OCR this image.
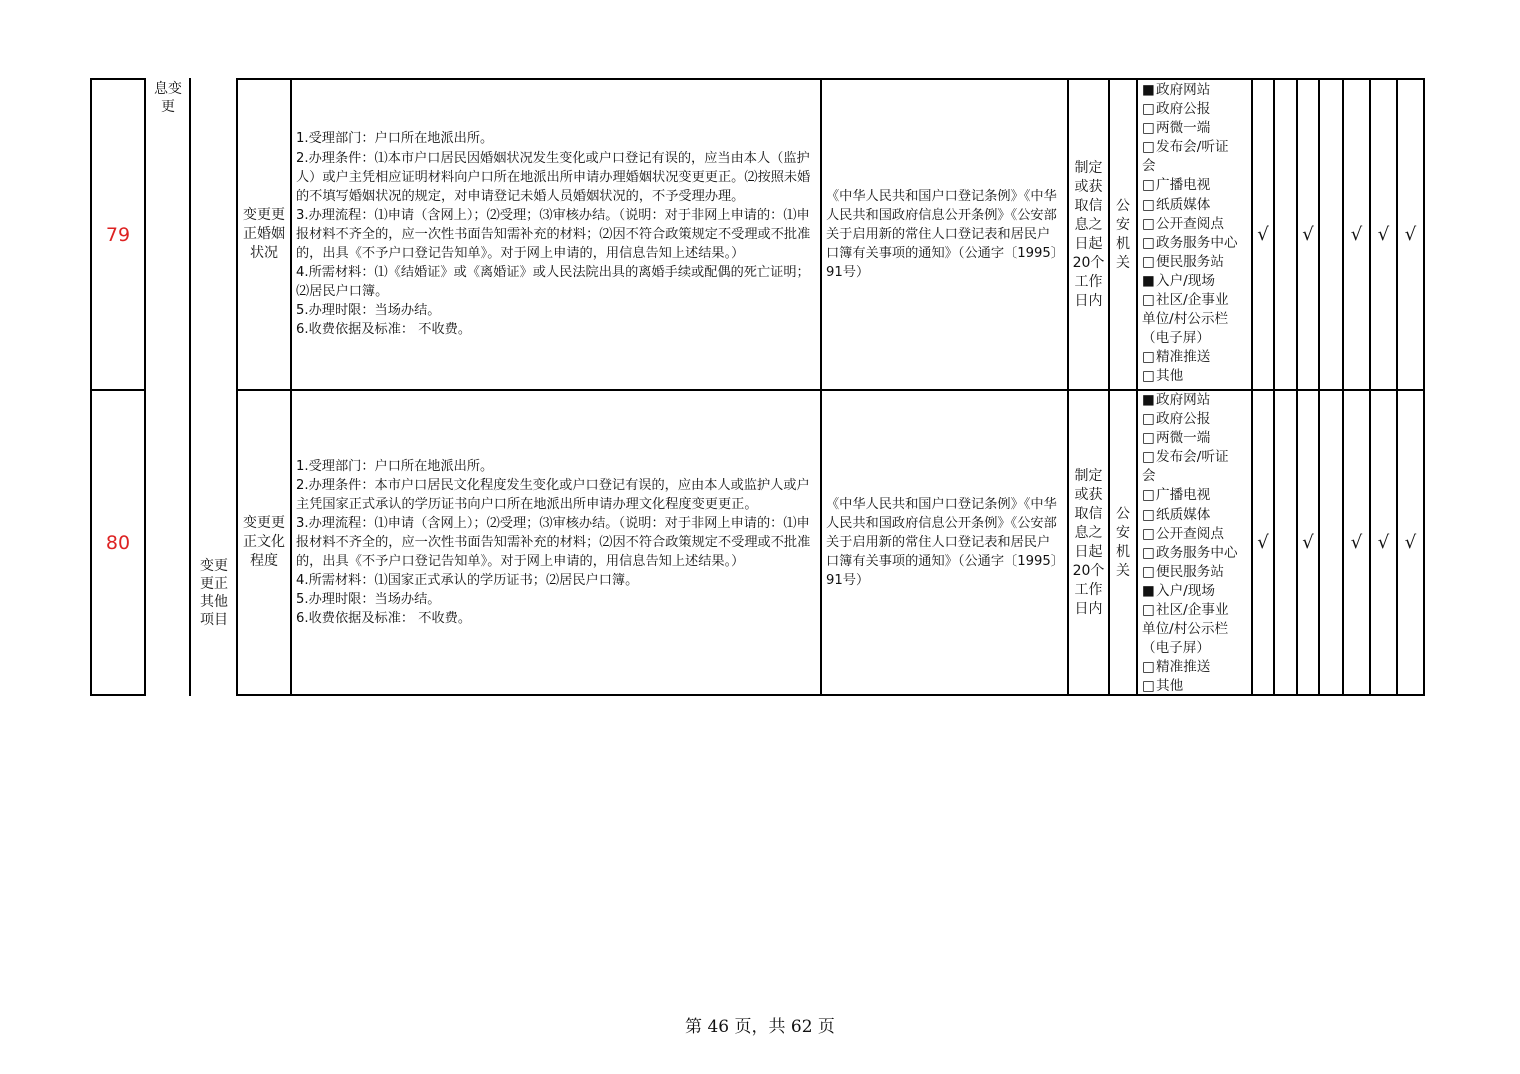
息变更
变更更正其他项目
79
变更更正婚姻状况
1.受理部门：户口所在地派出所。
2.办理条件：⑴本市户口居民因婚姻状况发生变化或户口登记有误的，应当由本人（监护人）或户主凭相应证明材料向户口所在地派出所申请办理婚姻状况变更更正。⑵按照未婚的不填写婚姻状况的规定，对申请登记未婚人员婚姻状况的，不予受理办理。
3.办理流程：⑴申请（含网上）；⑵受理；⑶审核办结。（说明：对于非网上申请的：⑴申报材料不齐全的，应一次性书面告知需补充的材料；⑵因不符合政策规定不受理或不批准的，出具《不予户口登记告知单》。对于网上申请的，用信息告知上述结果。）
4.所需材料：⑴《结婚证》或《离婚证》或人民法院出具的离婚手续或配偶的死亡证明；⑵居民户口簿。
5.办理时限：当场办结。
6.收费依据及标准： 不收费。
《中华人民共和国户口登记条例》《中华人民共和国政府信息公开条例》《公安部关于启用新的常住人口登记表和居民户口簿有关事项的通知》（公通字〔1995〕91号）
制定或获取信息之日起20个工作日内
公安机关
■ 政府网站
□ 政府公报
□ 两微一端
□ 发布会/听证
会
□ 广播电视
□ 纸质媒体
□ 公开查阅点
□ 政务服务中心
□ 便民服务站
■ 入户/现场
□ 社区/企事业
单位/村公示栏
（电子屏）
□ 精准推送
□ 其他
√ √	√ √ √
80
变更更正文化程度
1.受理部门：户口所在地派出所。
2.办理条件：本市户口居民文化程度发生变化或户口登记有误的，应由本人或监护人或户主凭国家正式承认的学历证书向户口所在地派出所申请办理文化程度变更更正。
3.办理流程：⑴申请（含网上）；⑵受理；⑶审核办结。（说明：对于非网上申请的：⑴申报材料不齐全的，应一次性书面告知需补充的材料；⑵因不符合政策规定不受理或不批准的，出具《不予户口登记告知单》。对于网上申请的，用信息告知上述结果。）
4.所需材料：⑴国家正式承认的学历证书；⑵居民户口簿。
5.办理时限：当场办结。
6.收费依据及标准： 不收费。
《中华人民共和国户口登记条例》《中华人民共和国政府信息公开条例》《公安部关于启用新的常住人口登记表和居民户口簿有关事项的通知》（公通字〔1995〕91号）
制定或获取信息之日起20个工作日内
公安机关
■ 政府网站
□ 政府公报
□ 两微一端
□ 发布会/听证
会
□ 广播电视
□ 纸质媒体
□ 公开查阅点
□ 政务服务中心
□ 便民服务站
■ 入户/现场
□ 社区/企事业
单位/村公示栏
（电子屏）
□ 精准推送
□ 其他
√ √	√ √ √
第 46 页，共 62 页
